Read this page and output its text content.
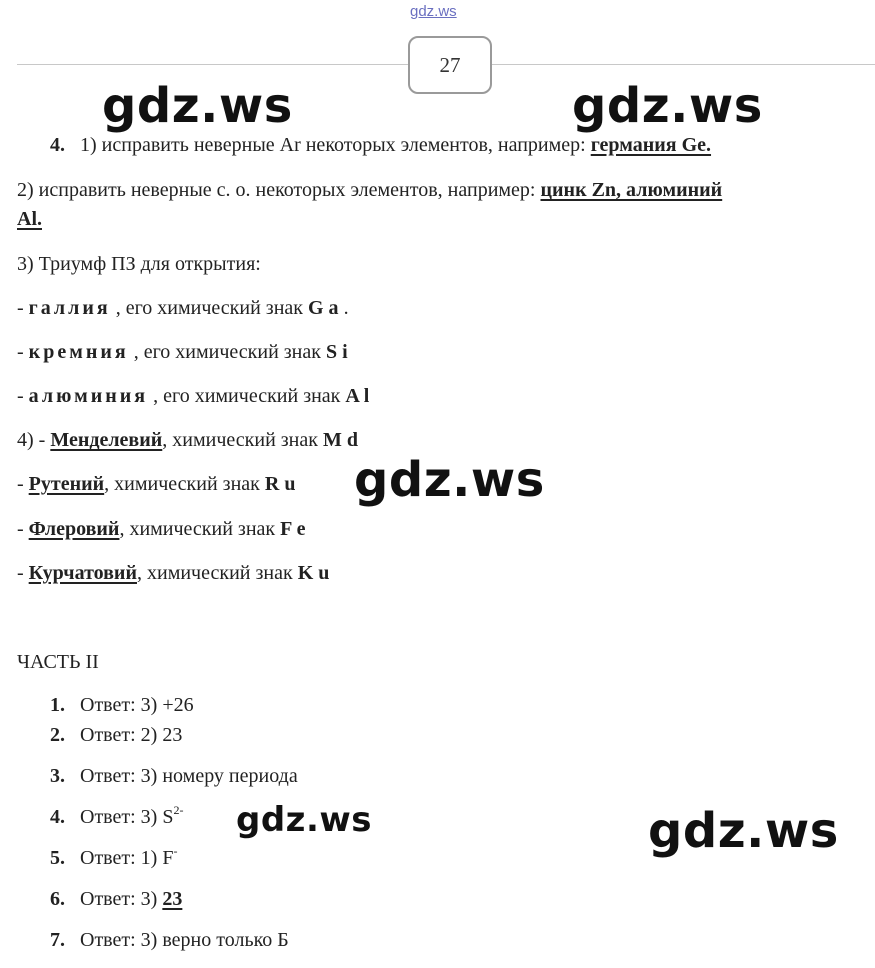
gdz.ws
27
4. 1) исправить неверные Ar некоторых элементов, например: германия Ge.
2) исправить неверные с. о. некоторых элементов, например: цинк Zn, алюминий
Al.
3) Триумф ПЗ для открытия:
- галлия , его химический знак G a .
- кремния , его химический знак S i
- алюминия , его химический знак A l
4) - Менделевий, химический знак M d
- Рутений, химический знак R u
- Флеровий, химический знак F e
- Курчатовий, химический знак K u
ЧАСТЬ II
1. Ответ: 3) +26
2. Ответ: 2) 23
3. Ответ: 3) номеру периода
4. Ответ: 3) $S^{2-}$
5. Ответ: 1) F-
6. Ответ: 3) 23
7. Ответ: 3) верно только Б
gdz.ws	gdz.ws
gdz.ws
gdz.ws	gdz.ws
